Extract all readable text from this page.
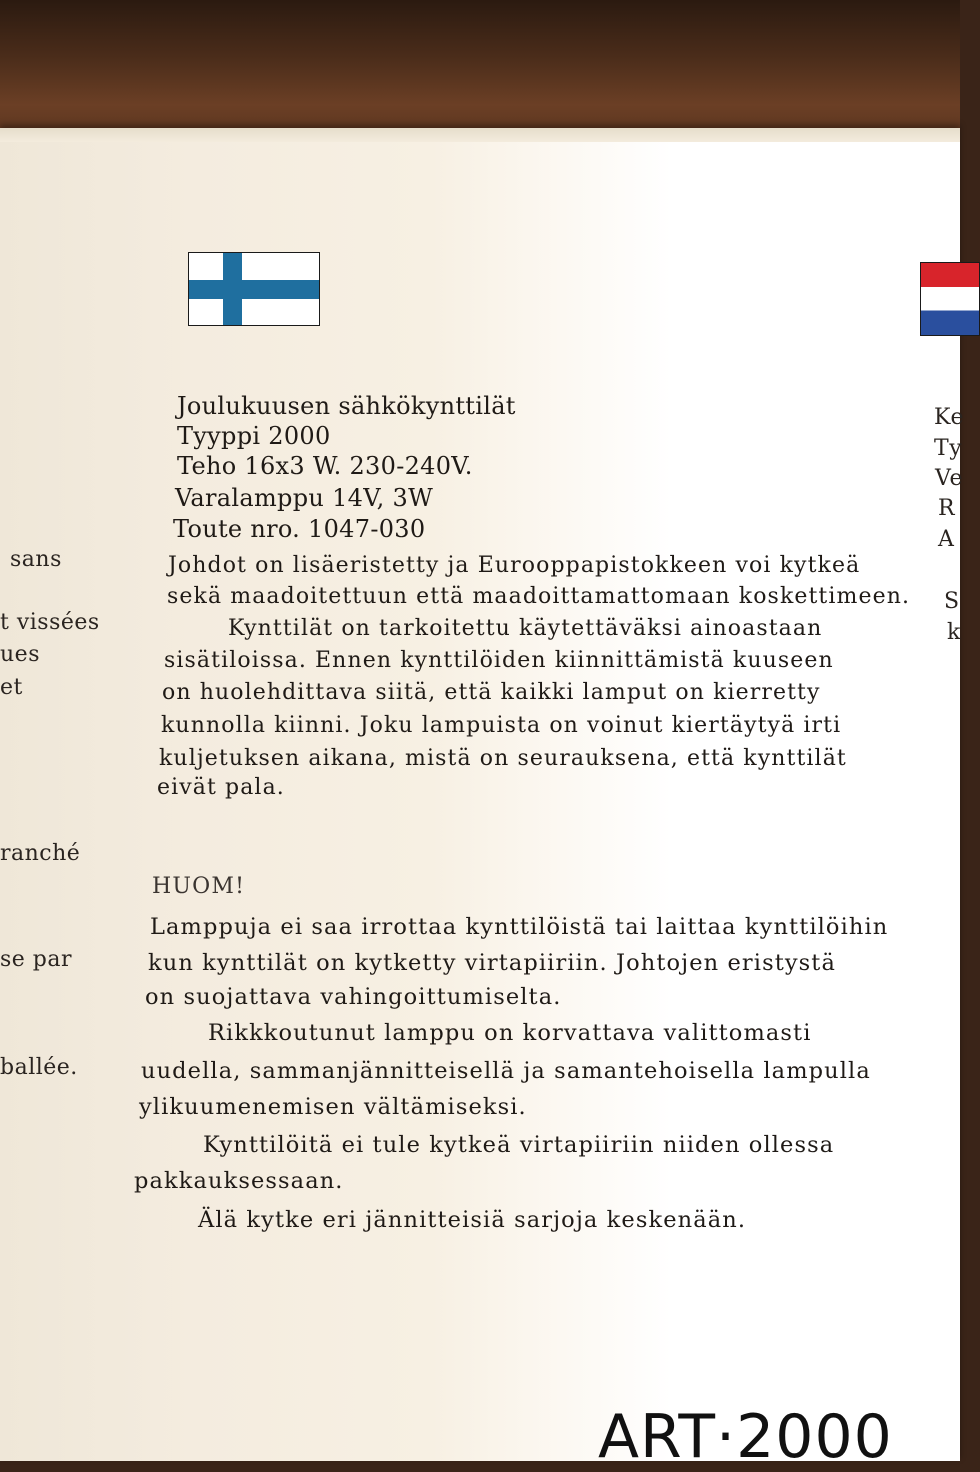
Joulukuusen sähkökynttilät
Tyyppi 2000
Teho 16x3 W. 230-240V.
Varalamppu 14V, 3W
Toute nro. 1047-030
Johdot on lisäeristetty ja Eurooppapistokkeen voi kytkeä
sekä maadoitettuun että maadoittamattomaan koskettimeen.
Kynttilät on tarkoitettu käytettäväksi ainoastaan
sisätiloissa. Ennen kynttilöiden kiinnittämistä kuuseen
on huolehdittava siitä, että kaikki lamput on kierretty
kunnolla kiinni. Joku lampuista on voinut kiertäytyä irti
kuljetuksen aikana, mistä on seurauksena, että kynttilät
eivät pala.
HUOM!
Lamppuja ei saa irrottaa kynttilöistä tai laittaa kynttilöihin
kun kynttilät on kytketty virtapiiriin. Johtojen eristystä
on suojattava vahingoittumiselta.
Rikkkoutunut lamppu on korvattava valittomasti
uudella, sammanjännitteisellä ja samantehoisella lampulla
ylikuumenemisen vältämiseksi.
Kynttilöitä ei tule kytkeä virtapiiriin niiden ollessa
pakkauksessaan.
Älä kytke eri jännitteisiä sarjoja keskenään.
sans
t vissées
ues
et
ranché
se par
ballée.
Ke
Ty
Ve
R
A
S
k
ART·2000
